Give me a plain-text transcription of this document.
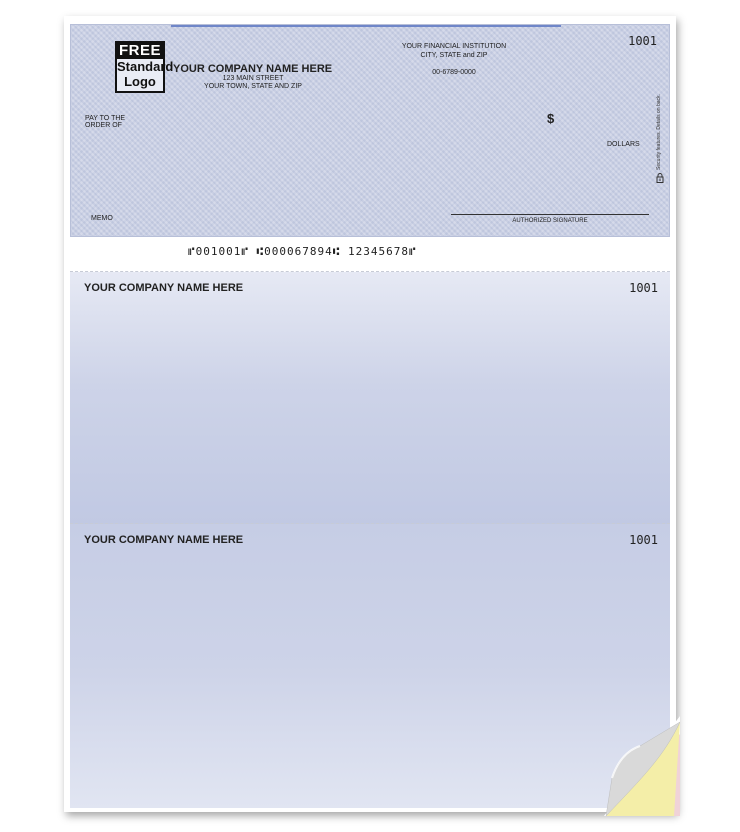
FREE
Standard
Logo
YOUR COMPANY NAME HERE
123 MAIN STREET
YOUR TOWN, STATE AND ZIP
YOUR FINANCIAL INSTITUTION
CITY, STATE and ZIP
00-6789-0000
1001
PAY TO THE
ORDER OF	$
DOLLARS	Security features. Details on back.
MEMO	AUTHORIZED SIGNATURE
⑈001001⑈ ⑆000067894⑆ 12345678⑈
YOUR COMPANY NAME HERE	1001
YOUR COMPANY NAME HERE	1001
